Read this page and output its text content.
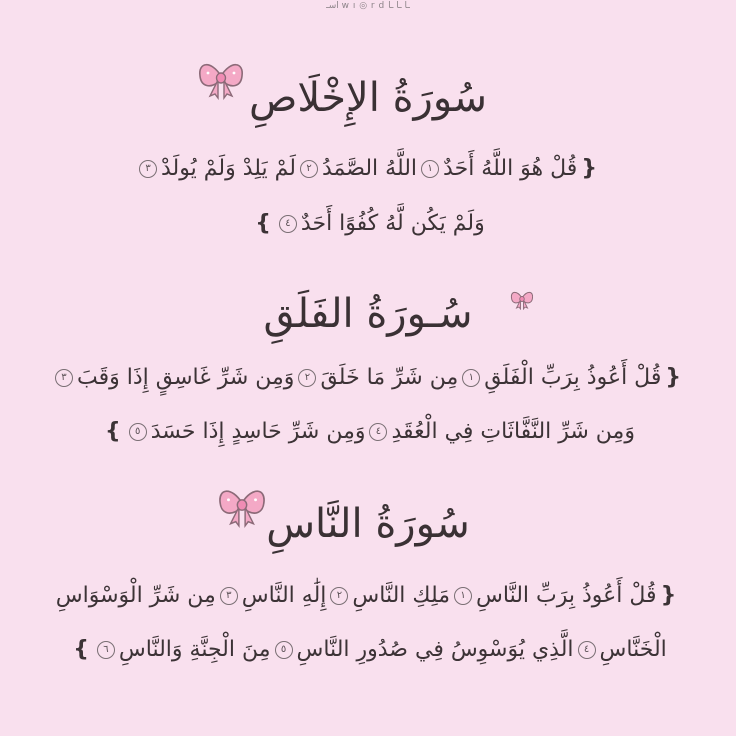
اسـ w ı ◎ r d ـا ـا ـا
سُورَةُ الإِخْلَاصِ
{قُلْ هُوَ اللَّهُ أَحَدٌ١اللَّهُ الصَّمَدُ٢لَمْ يَلِدْ وَلَمْ يُولَدْ٣
وَلَمْ يَكُن لَّهُ كُفُوًا أَحَدٌ٤}
سُـورَةُ الفَلَقِ
{قُلْ أَعُوذُ بِرَبِّ الْفَلَقِ١مِن شَرِّ مَا خَلَقَ٢وَمِن شَرِّ غَاسِقٍ إِذَا وَقَبَ٣
وَمِن شَرِّ النَّفَّاثَاتِ فِي الْعُقَدِ٤وَمِن شَرِّ حَاسِدٍ إِذَا حَسَدَ٥}
سُورَةُ النَّاسِ
{قُلْ أَعُوذُ بِرَبِّ النَّاسِ١مَلِكِ النَّاسِ٢إِلَٰهِ النَّاسِ٣مِن شَرِّ الْوَسْوَاسِ
الْخَنَّاسِ٤الَّذِي يُوَسْوِسُ فِي صُدُورِ النَّاسِ٥مِنَ الْجِنَّةِ وَالنَّاسِ٦}
